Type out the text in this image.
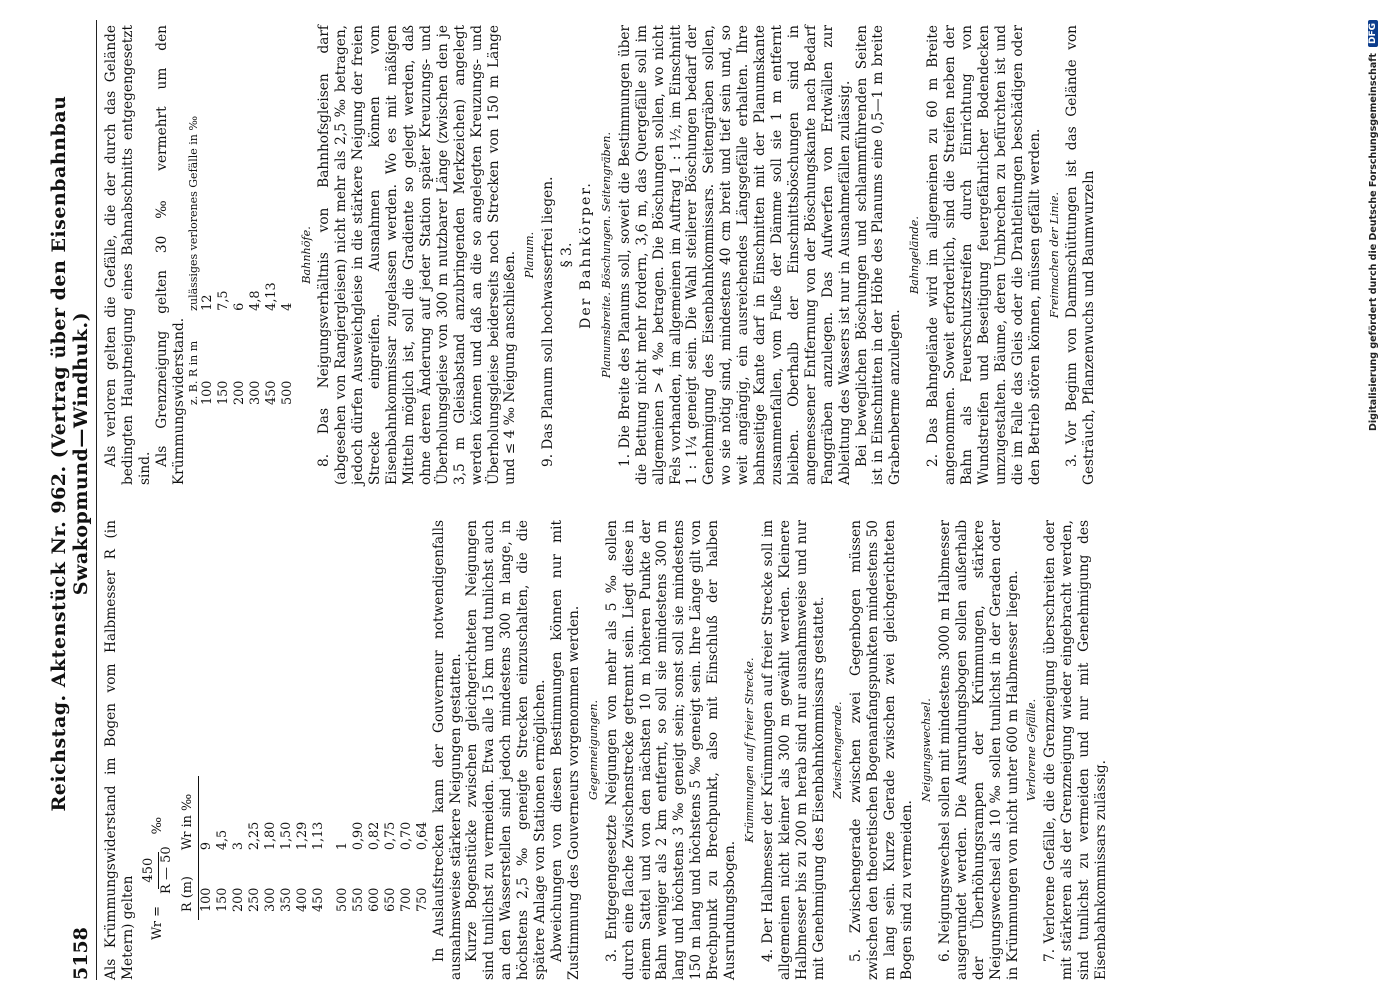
5158
Reichstag. Aktenstück Nr. 962. (Vertrag über den Eisenbahnbau Swakopmund—Windhuk.)

Als Krümmungswiderstand im Bogen vom Halbmesser R (in Metern) gelten Wr =
450 R — 50
‰
R (m)	Wr in ‰
100	9
150	4,5
200	3
250	2,25
300	1,80
350	1,50
400	1,29
450	1,13
500	1
550	0,90
600	0,82
650	0,75
700	0,70
750	0,64 In Auslaufstrecken kann der Gouverneur notwendigenfalls ausnahmsweise stärkere Neigungen gestatten. Kurze Bogenstücke zwischen gleichgerichteten Neigungen sind tunlichst zu vermeiden. Etwa alle 15 km und tunlichst auch an den Wasserstellen sind jedoch mindestens 300 m lange, in höchstens 2,5 ‰ geneigte Strecken einzuschalten, die die spätere Anlage von Stationen ermöglichen. Abweichungen von diesen Bestimmungen können nur mit Zustimmung des Gouverneurs vorgenommen werden. Gegenneigungen. 3. Entgegengesetzte Neigungen von mehr als 5 ‰ sollen durch eine flache Zwischenstrecke getrennt sein. Liegt diese in einem Sattel und von den nächsten 10 m höheren Punkte der Bahn weniger als 2 km entfernt, so soll sie mindestens 300 m lang und höchstens 3 ‰ geneigt sein; sonst soll sie mindestens 150 m lang und höchstens 5 ‰ geneigt sein. Ihre Länge gilt von Brechpunkt zu Brechpunkt, also mit Einschluß der halben Ausrundungsbogen.

Krümmungen auf freier Strecke. 4. Der Halbmesser der Krümmungen auf freier Strecke soll im allgemeinen nicht kleiner als 300 m gewählt werden. Kleinere Halbmesser bis zu 200 m herab sind nur ausnahmsweise und nur mit Genehmigung des Eisenbahnkommissars gestattet. Zwischengerade. 5. Zwischengerade zwischen zwei Gegenbogen müssen zwischen den theoretischen Bogenanfangspunkten mindestens 50 m lang sein. Kurze Gerade zwischen zwei gleichgerichteten Bogen sind zu vermeiden.

Neigungswechsel. 6. Neigungswechsel sollen mit mindestens 3000 m Halbmesser ausgerundet werden. Die Ausrundungsbogen sollen außerhalb der Überhöhungsrampen der Krümmungen, stärkere Neigungswechsel als 10 ‰ sollen tunlichst in der Geraden oder in Krümmungen von nicht unter 600 m Halbmesser liegen. Verlorene Gefälle. 7. Verlorene Gefälle, die die Grenzneigung überschreiten oder mit stärkeren als der Grenzneigung wieder eingebracht werden, sind tunlichst zu vermeiden und nur mit Genehmigung des Eisenbahnkommissars zulässig.

Als verloren gelten die Gefälle, die der durch das Gelände bedingten Hauptneigung eines Bahnabschnitts entgegengesetzt sind.

Als Grenzneigung gelten 30 ‰ vermehrt um den Krümmungswiderstand. z. B. R in m	zulässiges verlorenes Gefälle in ‰
100	12
150	7,5
200	6
300	4,8
450	4,13
500	4
Bahnhöfe. 8. Das Neigungsverhältnis von Bahnhofsgleisen darf (abgesehen von Rangiergleisen) nicht mehr als 2,5 ‰ betragen, jedoch dürfen Ausweichgleise in die stärkere Neigung der freien Strecke eingreifen. Ausnahmen können vom Eisenbahnkommissar zugelassen werden. Wo es mit mäßigen Mitteln möglich ist, soll die Gradiente so gelegt werden, daß ohne deren Änderung auf jeder Station später Kreuzungs- und Überholungsgleise von 300 m nutzbarer Länge (zwischen den je 3,5 m Gleisabstand anzubringenden Merkzeichen) angelegt werden können und daß an die so angelegten Kreuzungs- und Überholungsgleise beiderseits noch Strecken von 150 m Länge und ≤ 4 ‰ Neigung anschließen. Planum. 9. Das Planum soll hochwasserfrei liegen. § 3. Der Bahnkörper. Planumsbreite. Böschungen. Seitengräben. 1. Die Breite des Planums soll, soweit die Bestimmungen über die Bettung nicht mehr fordern, 3,6 m, das Quergefälle soll im allgemeinen > 4 ‰ betragen. Die Böschungen sollen, wo nicht Fels vorhanden, im allgemeinen im Auftrag 1 : 1½, im Einschnitt 1 : 1¼ geneigt sein. Die Wahl steilerer Böschungen bedarf der Genehmigung des Eisenbahnkommissars. Seitengräben sollen, wo sie nötig sind, mindestens 40 cm breit und tief sein und, so weit angängig, ein ausreichendes Längsgefälle erhalten. Ihre bahnseitige Kante darf in Einschnitten mit der Planumskante zusammenfallen, vom Fuße der Dämme soll sie 1 m entfernt bleiben. Oberhalb der Einschnittsböschungen sind in angemessener Entfernung von der Böschungskante nach Bedarf Fanggräben anzulegen. Das Aufwerfen von Erdwällen zur Ableitung des Wassers ist nur in Ausnahmefällen zulässig. Bei beweglichen Böschungen und schlammführenden Seiten ist in Einschnitten in der Höhe des Planums eine 0,5—1 m breite Grabenberme anzulegen.

Bahngelände. 2. Das Bahngelände wird im allgemeinen zu 60 m Breite angenommen. Soweit erforderlich, sind die Streifen neben der Bahn als Feuerschutzstreifen durch Einrichtung von Wundstreifen und Beseitigung feuergefährlicher Bodendecken umzugestalten. Bäume, deren Umbrechen zu befürchten ist und die im Falle das Gleis oder die Drahtleitungen beschädigen oder den Betrieb stören können, müssen gefällt werden. Freimachen der Linie. 3. Vor Beginn von Dammschüttungen ist das Gelände von Gesträuch, Pflanzenwuchs und Baumwurzeln	Digitalisierung gefördert durch die Deutsche Forschungsgemeinschaft
DFG
